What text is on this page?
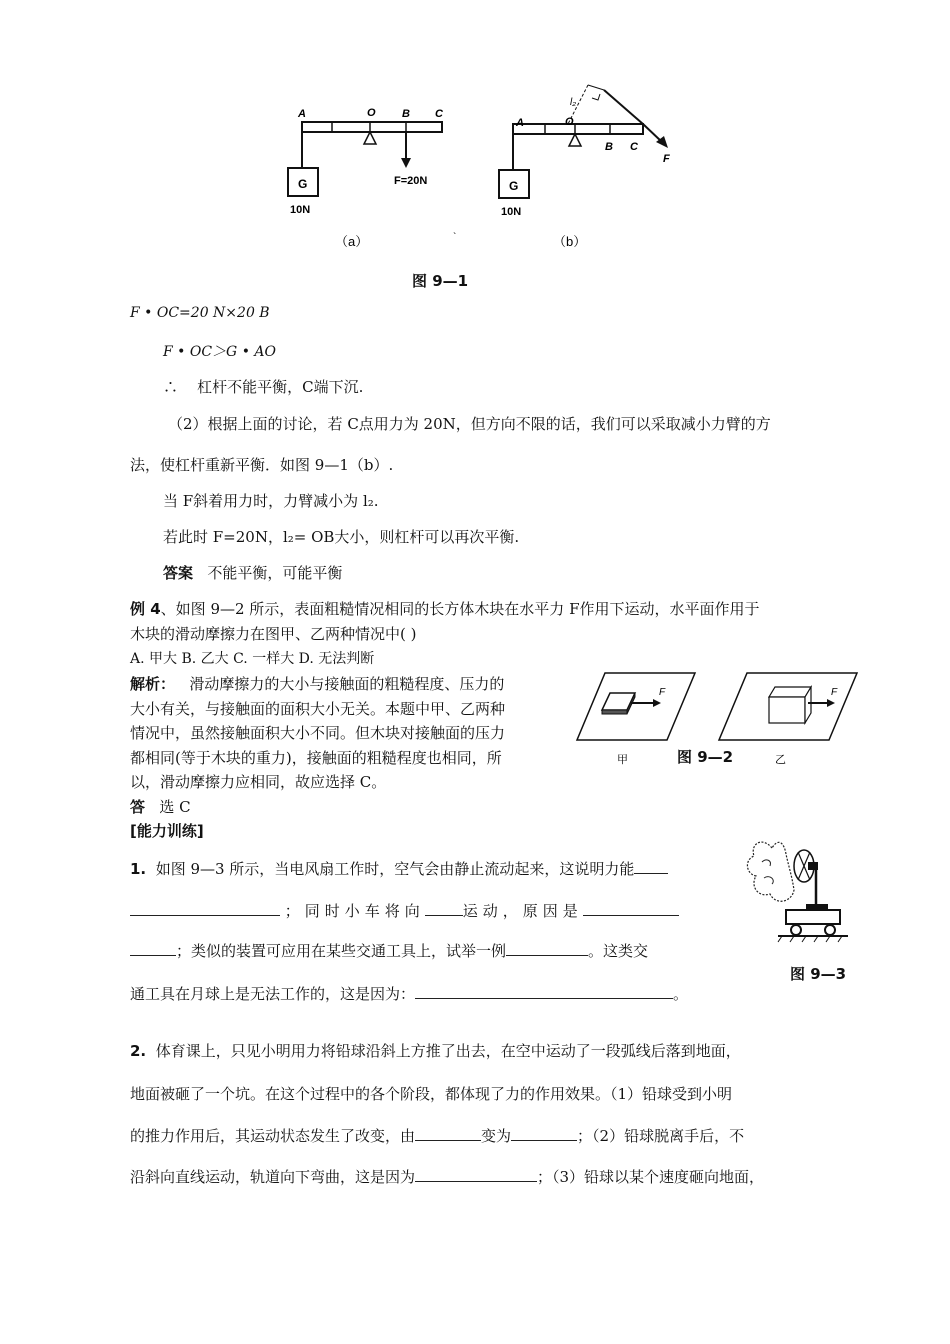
A	O B C
G
10N
F=20N
（a）	`
A	O
B C
F
l₂
G
10N
（b）
图 9—1
F • OC=20 N×20 B
F • OC＞G • AO
∴ 杠杆不能平衡，C端下沉.
（2）根据上面的讨论，若 C点用力为 20N，但方向不限的话，我们可以采取减小力臂的方
法，使杠杆重新平衡．如图 9—1（b）.
当 F斜着用力时，力臂减小为 l₂.
若此时 F=20N，l₂= OB大小，则杠杆可以再次平衡.
答案 不能平衡，可能平衡
例 4、如图 9—2 所示，表面粗糙情况相同的长方体木块在水平力 F作用下运动，水平面作用于
木块的滑动摩擦力在图甲、乙两种情况中( )
A. 甲大 B. 乙大 C. 一样大 D. 无法判断
解析： 滑动摩擦力的大小与接触面的粗糙程度、压力的
大小有关，与接触面的面积大小无关。本题中甲、乙两种
情况中，虽然接触面积大小不同。但木块对接触面的压力
都相同(等于木块的重力)，接触面的粗糙程度也相同，所
以，滑动摩擦力应相同，故应选择 C。
F
甲
F
乙
图 9—2
答 选 C
[能力训练]
1. 如图 9—3 所示，当电风扇工作时，空气会由静止流动起来，这说明力能
；同时小车将向	运动，原因是
；类似的装置可应用在某些交通工具上，试举一例	。这类交
通工具在月球上是无法工作的，这是因为：	。
图 9—3
2. 体育课上，只见小明用力将铅球沿斜上方推了出去，在空中运动了一段弧线后落到地面，
地面被砸了一个坑。在这个过程中的各个阶段，都体现了力的作用效果。（1）铅球受到小明
的推力作用后，其运动状态发生了改变，由	变为	；（2）铅球脱离手后，不
沿斜向直线运动，轨道向下弯曲，这是因为	；（3）铅球以某个速度砸向地面，
